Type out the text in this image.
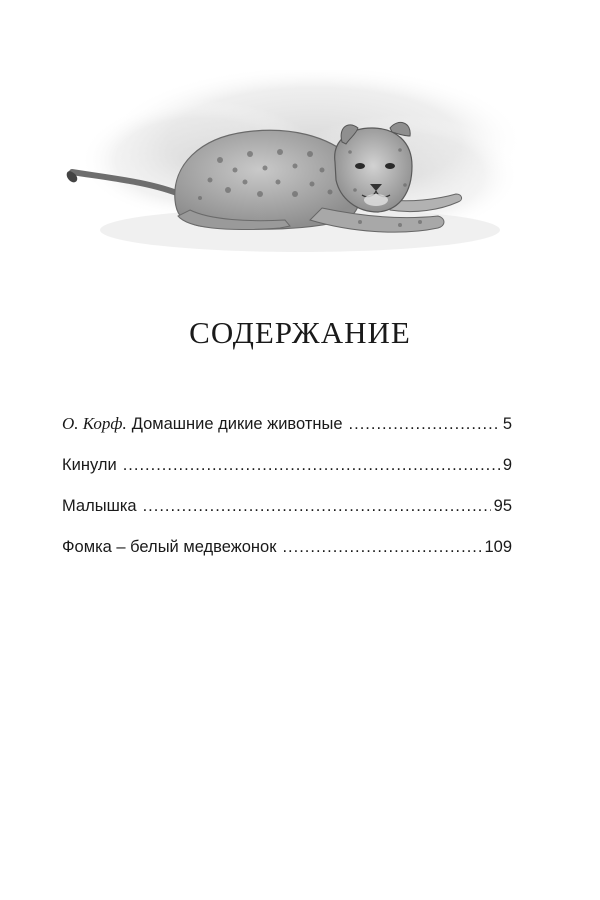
СОДЕРЖАНИЕ
О. Корф. Домашние дикие животные .....	5
Кинули .....	9
Малышка .....	95
Фомка – белый медвежонок .....	109
